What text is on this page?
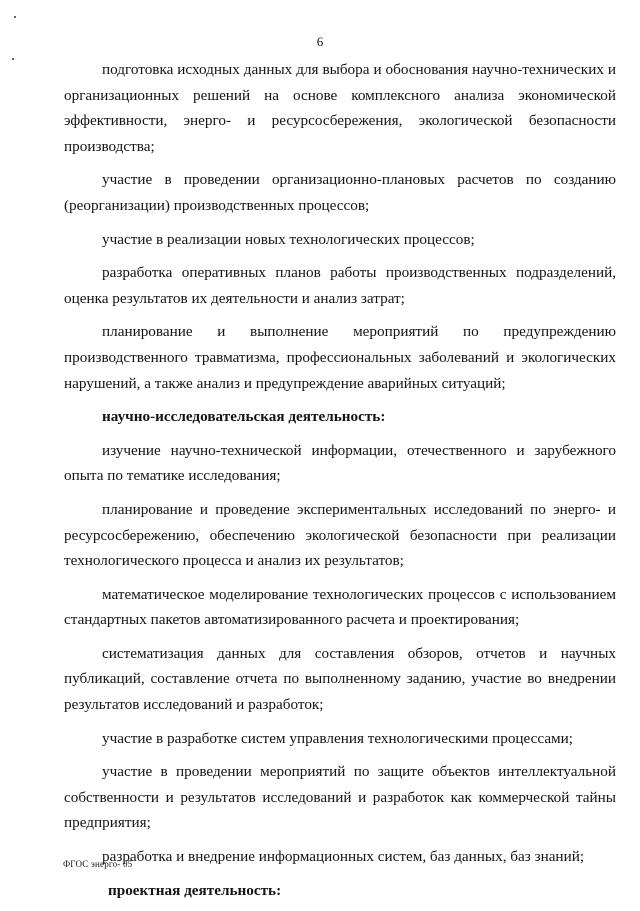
6

подготовка исходных данных для выбора и обоснования научно-технических и организационных решений на основе комплексного анализа экономической эффективности, энерго- и ресурсосбережения, экологической безопасности производства;

участие в проведении организационно-плановых расчетов по созданию (реорганизации) производственных процессов;

участие в реализации новых технологических процессов;

разработка оперативных планов работы производственных подразделений, оценка результатов их деятельности и анализ затрат;

планирование и выполнение мероприятий по предупреждению производственного травматизма, профессиональных заболеваний и экологических нарушений, а также анализ и предупреждение аварийных ситуаций;

научно-исследовательская деятельность:

изучение научно-технической информации, отечественного и зарубежного опыта по тематике исследования;

планирование и проведение экспериментальных исследований по энерго- и ресурсосбережению, обеспечению экологической безопасности при реализации технологического процесса и анализ их результатов;

математическое моделирование технологических процессов с использованием стандартных пакетов автоматизированного расчета и проектирования;

систематизация данных для составления обзоров, отчетов и научных публикаций, составление отчета по выполненному заданию, участие во внедрении результатов исследований и разработок;

участие в разработке систем управления технологическими процессами;

участие в проведении мероприятий по защите объектов интеллектуальной собственности и результатов исследований и разработок как коммерческой тайны предприятия;

разработка и внедрение информационных систем, баз данных, баз знаний;

проектная деятельность:

ФГОС энерго- 05
